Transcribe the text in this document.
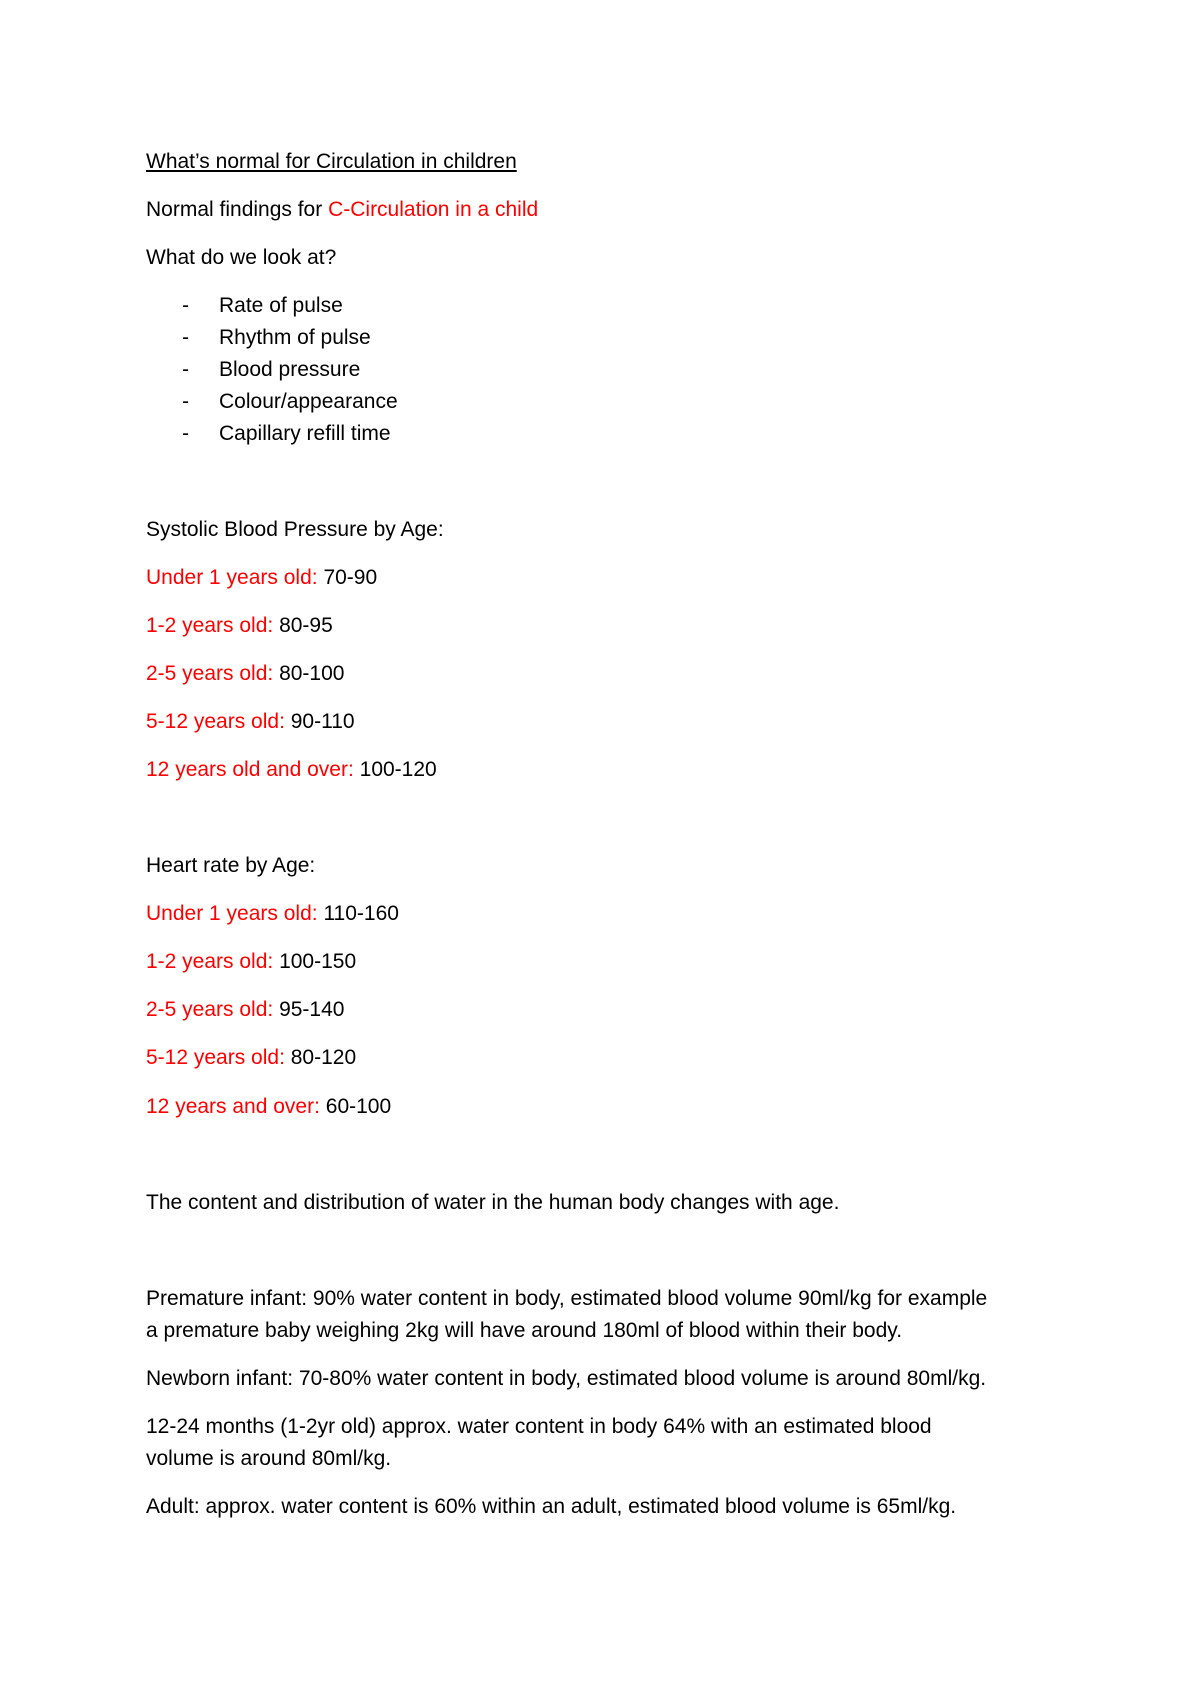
What’s normal for Circulation in children
Normal findings for C-Circulation in a child
What do we look at?
- Rate of pulse
- Rhythm of pulse
- Blood pressure
- Colour/appearance
- Capillary refill time
Systolic Blood Pressure by Age:
Under 1 years old: 70-90
1-2 years old: 80-95
2-5 years old: 80-100
5-12 years old: 90-110
12 years old and over: 100-120
Heart rate by Age:
Under 1 years old: 110-160
1-2 years old: 100-150
2-5 years old: 95-140
5-12 years old: 80-120
12 years and over: 60-100
The content and distribution of water in the human body changes with age.
Premature infant: 90% water content in body, estimated blood volume 90ml/kg for example
a premature baby weighing 2kg will have around 180ml of blood within their body.
Newborn infant: 70-80% water content in body, estimated blood volume is around 80ml/kg.
12-24 months (1-2yr old) approx. water content in body 64% with an estimated blood
volume is around 80ml/kg.
Adult: approx. water content is 60% within an adult, estimated blood volume is 65ml/kg.
